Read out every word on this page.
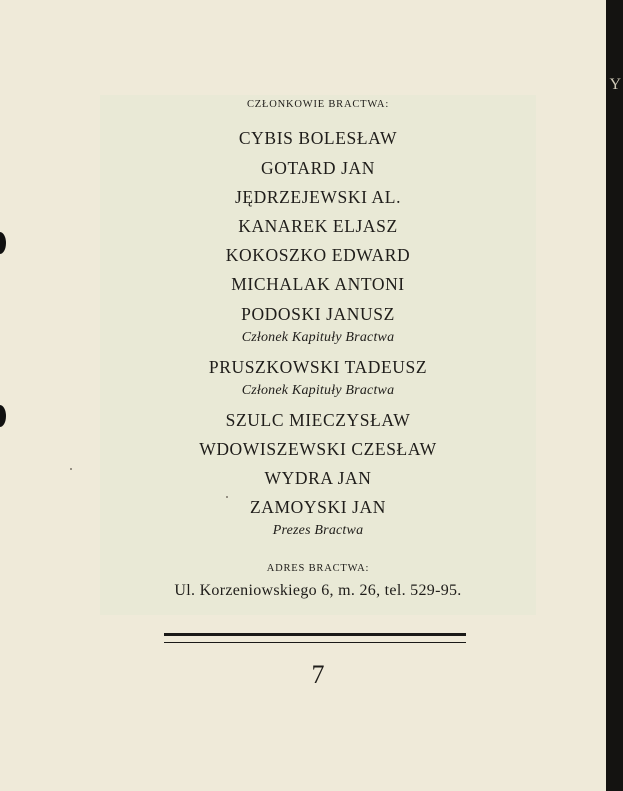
CZŁONKOWIE BRACTWA:
CYBIS BOLESŁAW
GOTARD JAN
JĘDRZEJEWSKI AL.
KANAREK ELJASZ
KOKOSZKO EDWARD
MICHALAK ANTONI
PODOSKI JANUSZ
Członek Kapituły Bractwa
PRUSZKOWSKI TADEUSZ
Członek Kapituły Bractwa
SZULC MIECZYSŁAW
WDOWISZEWSKI CZESŁAW
WYDRA JAN
ZAMOYSKI JAN
Prezes Bractwa
ADRES BRACTWA:
Ul. Korzeniowskiego 6, m. 26, tel. 529-95.
7
Y
